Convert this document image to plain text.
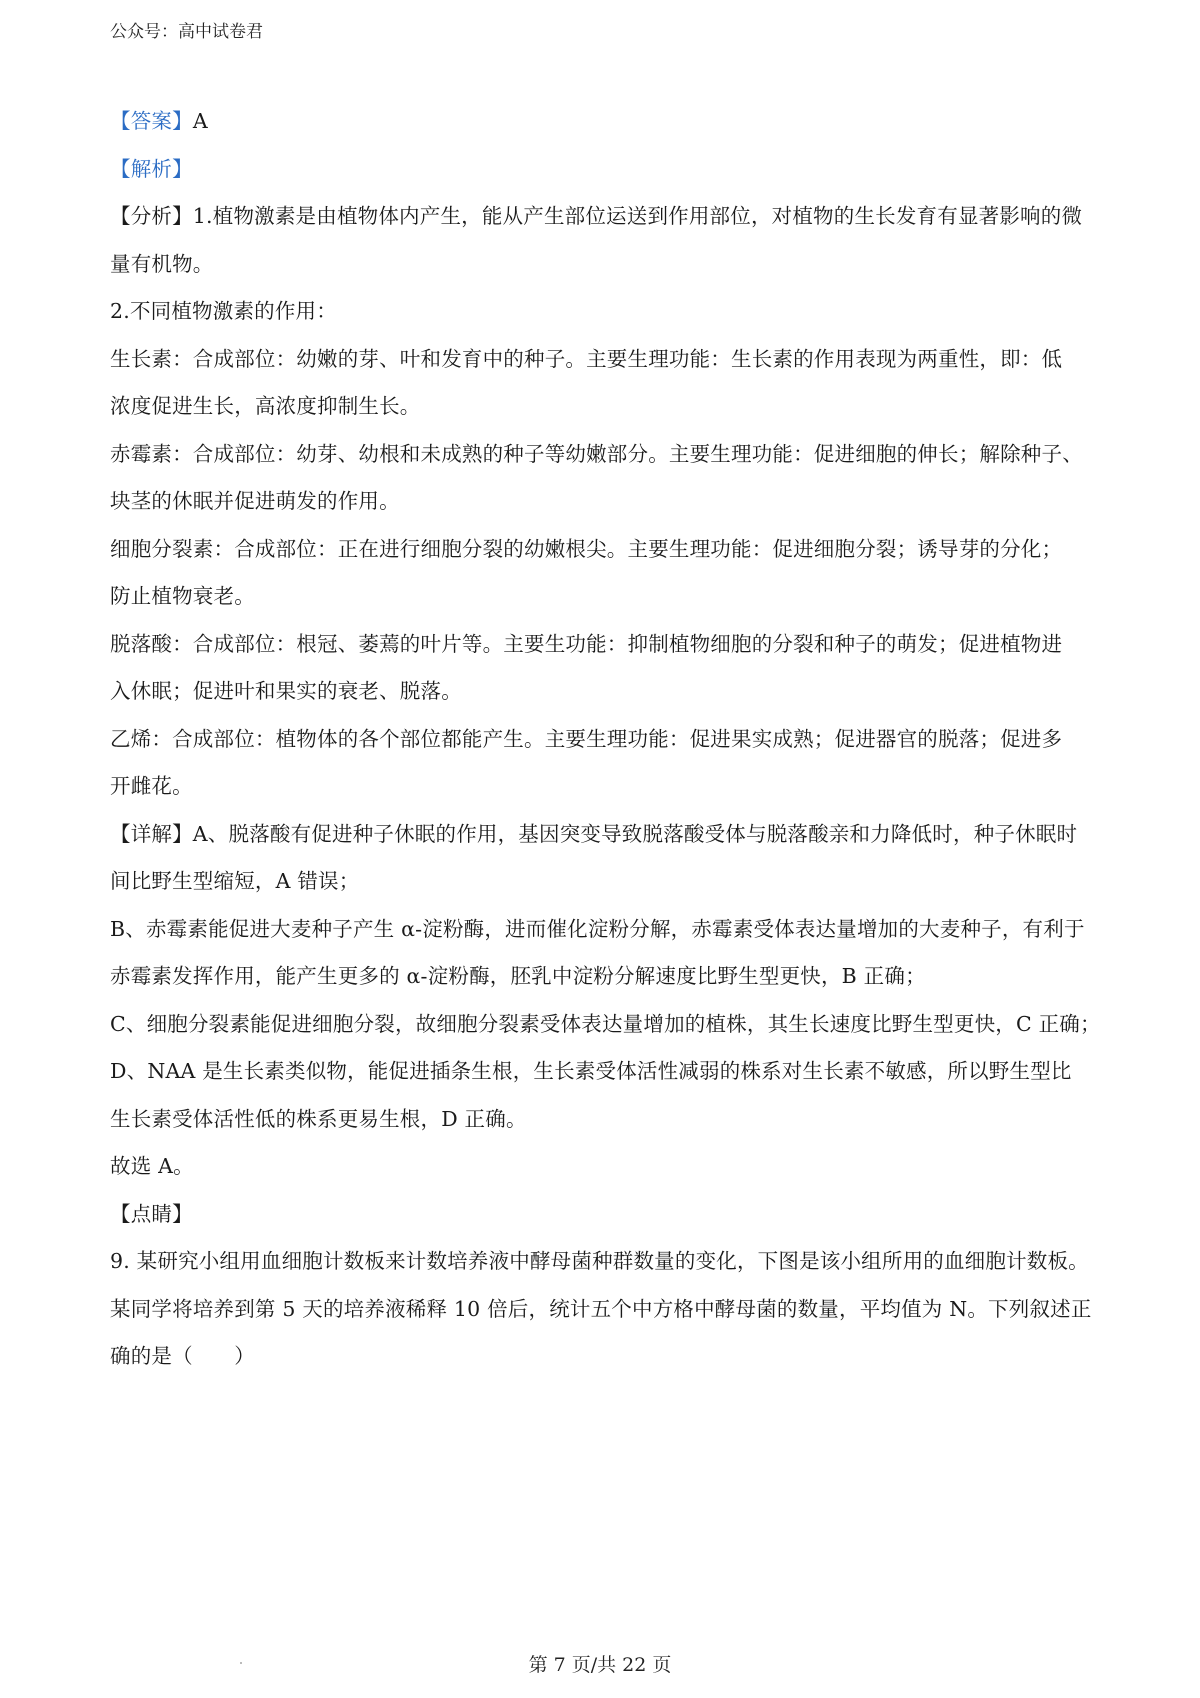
公众号：高中试卷君
【答案】A
【解析】
【分析】1.植物激素是由植物体内产生，能从产生部位运送到作用部位，对植物的生长发育有显著影响的微
量有机物。
2.不同植物激素的作用：
生长素：合成部位：幼嫩的芽、叶和发育中的种子。主要生理功能：生长素的作用表现为两重性，即：低
浓度促进生长，高浓度抑制生长。
赤霉素：合成部位：幼芽、幼根和未成熟的种子等幼嫩部分。主要生理功能：促进细胞的伸长；解除种子、
块茎的休眠并促进萌发的作用。
细胞分裂素：合成部位：正在进行细胞分裂的幼嫩根尖。主要生理功能：促进细胞分裂；诱导芽的分化；
防止植物衰老。
脱落酸：合成部位：根冠、萎蔫的叶片等。主要生功能：抑制植物细胞的分裂和种子的萌发；促进植物进
入休眠；促进叶和果实的衰老、脱落。
乙烯：合成部位：植物体的各个部位都能产生。主要生理功能：促进果实成熟；促进器官的脱落；促进多
开雌花。
【详解】A、脱落酸有促进种子休眠的作用，基因突变导致脱落酸受体与脱落酸亲和力降低时，种子休眠时
间比野生型缩短，A 错误；
B、赤霉素能促进大麦种子产生 α-淀粉酶，进而催化淀粉分解，赤霉素受体表达量增加的大麦种子，有利于
赤霉素发挥作用，能产生更多的 α-淀粉酶，胚乳中淀粉分解速度比野生型更快，B 正确；
C、细胞分裂素能促进细胞分裂，故细胞分裂素受体表达量增加的植株，其生长速度比野生型更快，C 正确；
D、NAA 是生长素类似物，能促进插条生根，生长素受体活性减弱的株系对生长素不敏感，所以野生型比
生长素受体活性低的株系更易生根，D 正确。
故选 A。
【点睛】
9. 某研究小组用血细胞计数板来计数培养液中酵母菌种群数量的变化，下图是该小组所用的血细胞计数板。
某同学将培养到第 5 天的培养液稀释 10 倍后，统计五个中方格中酵母菌的数量，平均值为 N。下列叙述正
确的是（　　）
第 7 页/共 22 页
